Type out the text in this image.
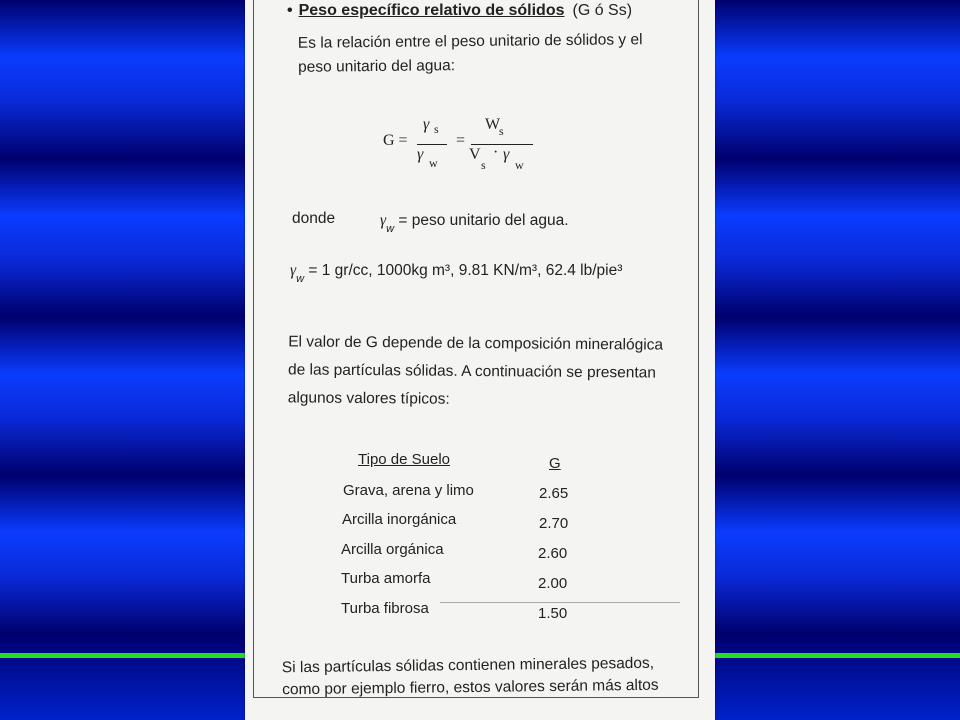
• Peso específico relativo de sólidos (G ó Ss)
Es la relación entre el peso unitario de sólidos y el
peso unitario del agua:
G =
γ s
γ w
=
W
s
V
s
· γ
w
donde	$\gamma_w$ = peso unitario del agua.
$\gamma_w = 1$ gr/cc, 1000kg m³, 9.81 KN/m³, 62.4 lb/pie³
El valor de G depende de la composición mineralógica
de las partículas sólidas. A continuación se presentan
algunos valores típicos:
Tipo de Suelo	G
Grava, arena y limo	2.65
Arcilla inorgánica	2.70
Arcilla orgánica	2.60
Turba amorfa	2.00
Turba fibrosa	1.50
Si las partículas sólidas contienen minerales pesados,
como por ejemplo fierro, estos valores serán más altos
